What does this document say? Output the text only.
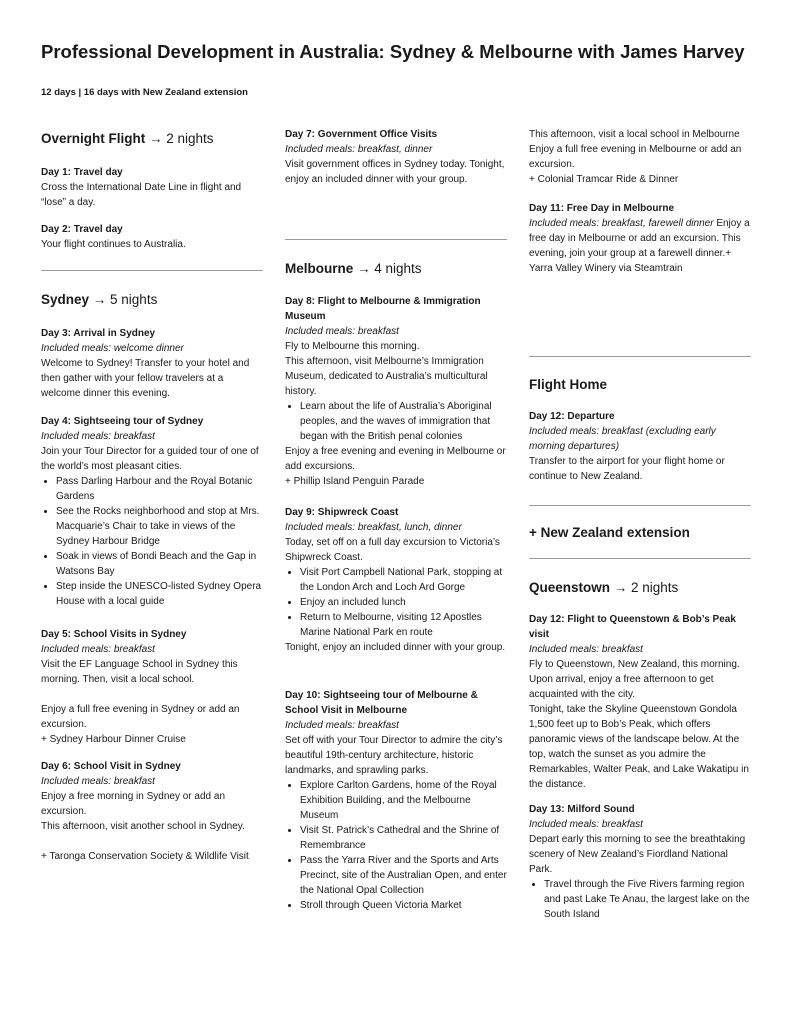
Professional Development in Australia: Sydney & Melbourne with James Harvey
12 days | 16 days with New Zealand extension
Overnight Flight → 2 nights

Day 1: Travel day

Cross the International Date Line in flight and “lose” a day.

Day 2: Travel day

Your flight continues to Australia.

Sydney → 5 nights

Day 3: Arrival in Sydney

Included meals: welcome dinner

Welcome to Sydney! Transfer to your hotel and then gather with your fellow travelers at a welcome dinner this evening.

Day 4: Sightseeing tour of Sydney

Included meals: breakfast

Join your Tour Director for a guided tour of one of the world’s most pleasant cities.

• Pass Darling Harbour and the Royal Botanic Gardens
• See the Rocks neighborhood and stop at Mrs. Macquarie’s Chair to take in views of the Sydney Harbour Bridge
• Soak in views of Bondi Beach and the Gap in Watsons Bay
• Step inside the UNESCO-listed Sydney Opera House with a local guide

Day 5: School Visits in Sydney

Included meals: breakfast

Visit the EF Language School in Sydney this morning. Then, visit a local school.

Enjoy a full free evening in Sydney or add an excursion.

+ Sydney Harbour Dinner Cruise

Day 6: School Visit in Sydney

Included meals: breakfast

Enjoy a free morning in Sydney or add an excursion.

This afternoon, visit another school in Sydney.

+ Taronga Conservation Society & Wildlife Visit

Day 7: Government Office Visits

Included meals: breakfast, dinner

Visit government offices in Sydney today. Tonight, enjoy an included dinner with your group.

Melbourne → 4 nights

Day 8: Flight to Melbourne & Immigration Museum

Included meals: breakfast

Fly to Melbourne this morning.

This afternoon, visit Melbourne’s Immigration Museum, dedicated to Australia’s multicultural history.

• Learn about the life of Australia’s Aboriginal peoples, and the waves of immigration that began with the British penal colonies

Enjoy a free evening and evening in Melbourne or add excursions.

+ Phillip Island Penguin Parade

Day 9: Shipwreck Coast

Included meals: breakfast, lunch, dinner

Today, set off on a full day excursion to Victoria’s Shipwreck Coast.

• Visit Port Campbell National Park, stopping at the London Arch and Loch Ard Gorge
• Enjoy an included lunch
• Return to Melbourne, visiting 12 Apostles Marine National Park en route

Tonight, enjoy an included dinner with your group.

Day 10: Sightseeing tour of Melbourne & School Visit in Melbourne

Included meals: breakfast

Set off with your Tour Director to admire the city’s beautiful 19th-century architecture, historic landmarks, and sprawling parks.

• Explore Carlton Gardens, home of the Royal Exhibition Building, and the Melbourne Museum
• Visit St. Patrick’s Cathedral and the Shrine of Remembrance
• Pass the Yarra River and the Sports and Arts Precinct, site of the Australian Open, and enter the National Opal Collection
• Stroll through Queen Victoria Market

This afternoon, visit a local school in Melbourne Enjoy a full free evening in Melbourne or add an excursion.

+ Colonial Tramcar Ride & Dinner

Day 11: Free Day in Melbourne

Included meals: breakfast, farewell dinner Enjoy a free day in Melbourne or add an excursion. This evening, join your group at a farewell dinner.+ Yarra Valley Winery via Steamtrain

Flight Home

Day 12: Departure

Included meals: breakfast (excluding early morning departures)

Transfer to the airport for your flight home or continue to New Zealand.

+ New Zealand extension
Queenstown → 2 nights

Day 12: Flight to Queenstown & Bob’s Peak visit

Included meals: breakfast

Fly to Queenstown, New Zealand, this morning. Upon arrival, enjoy a free afternoon to get acquainted with the city.

Tonight, take the Skyline Queenstown Gondola 1,500 feet up to Bob’s Peak, which offers panoramic views of the landscape below. At the top, watch the sunset as you admire the Remarkables, Walter Peak, and Lake Wakatipu in the distance.

Day 13: Milford Sound

Included meals: breakfast

Depart early this morning to see the breathtaking scenery of New Zealand’s Fiordland National Park.

• Travel through the Five Rivers farming region and past Lake Te Anau, the largest lake on the South Island
